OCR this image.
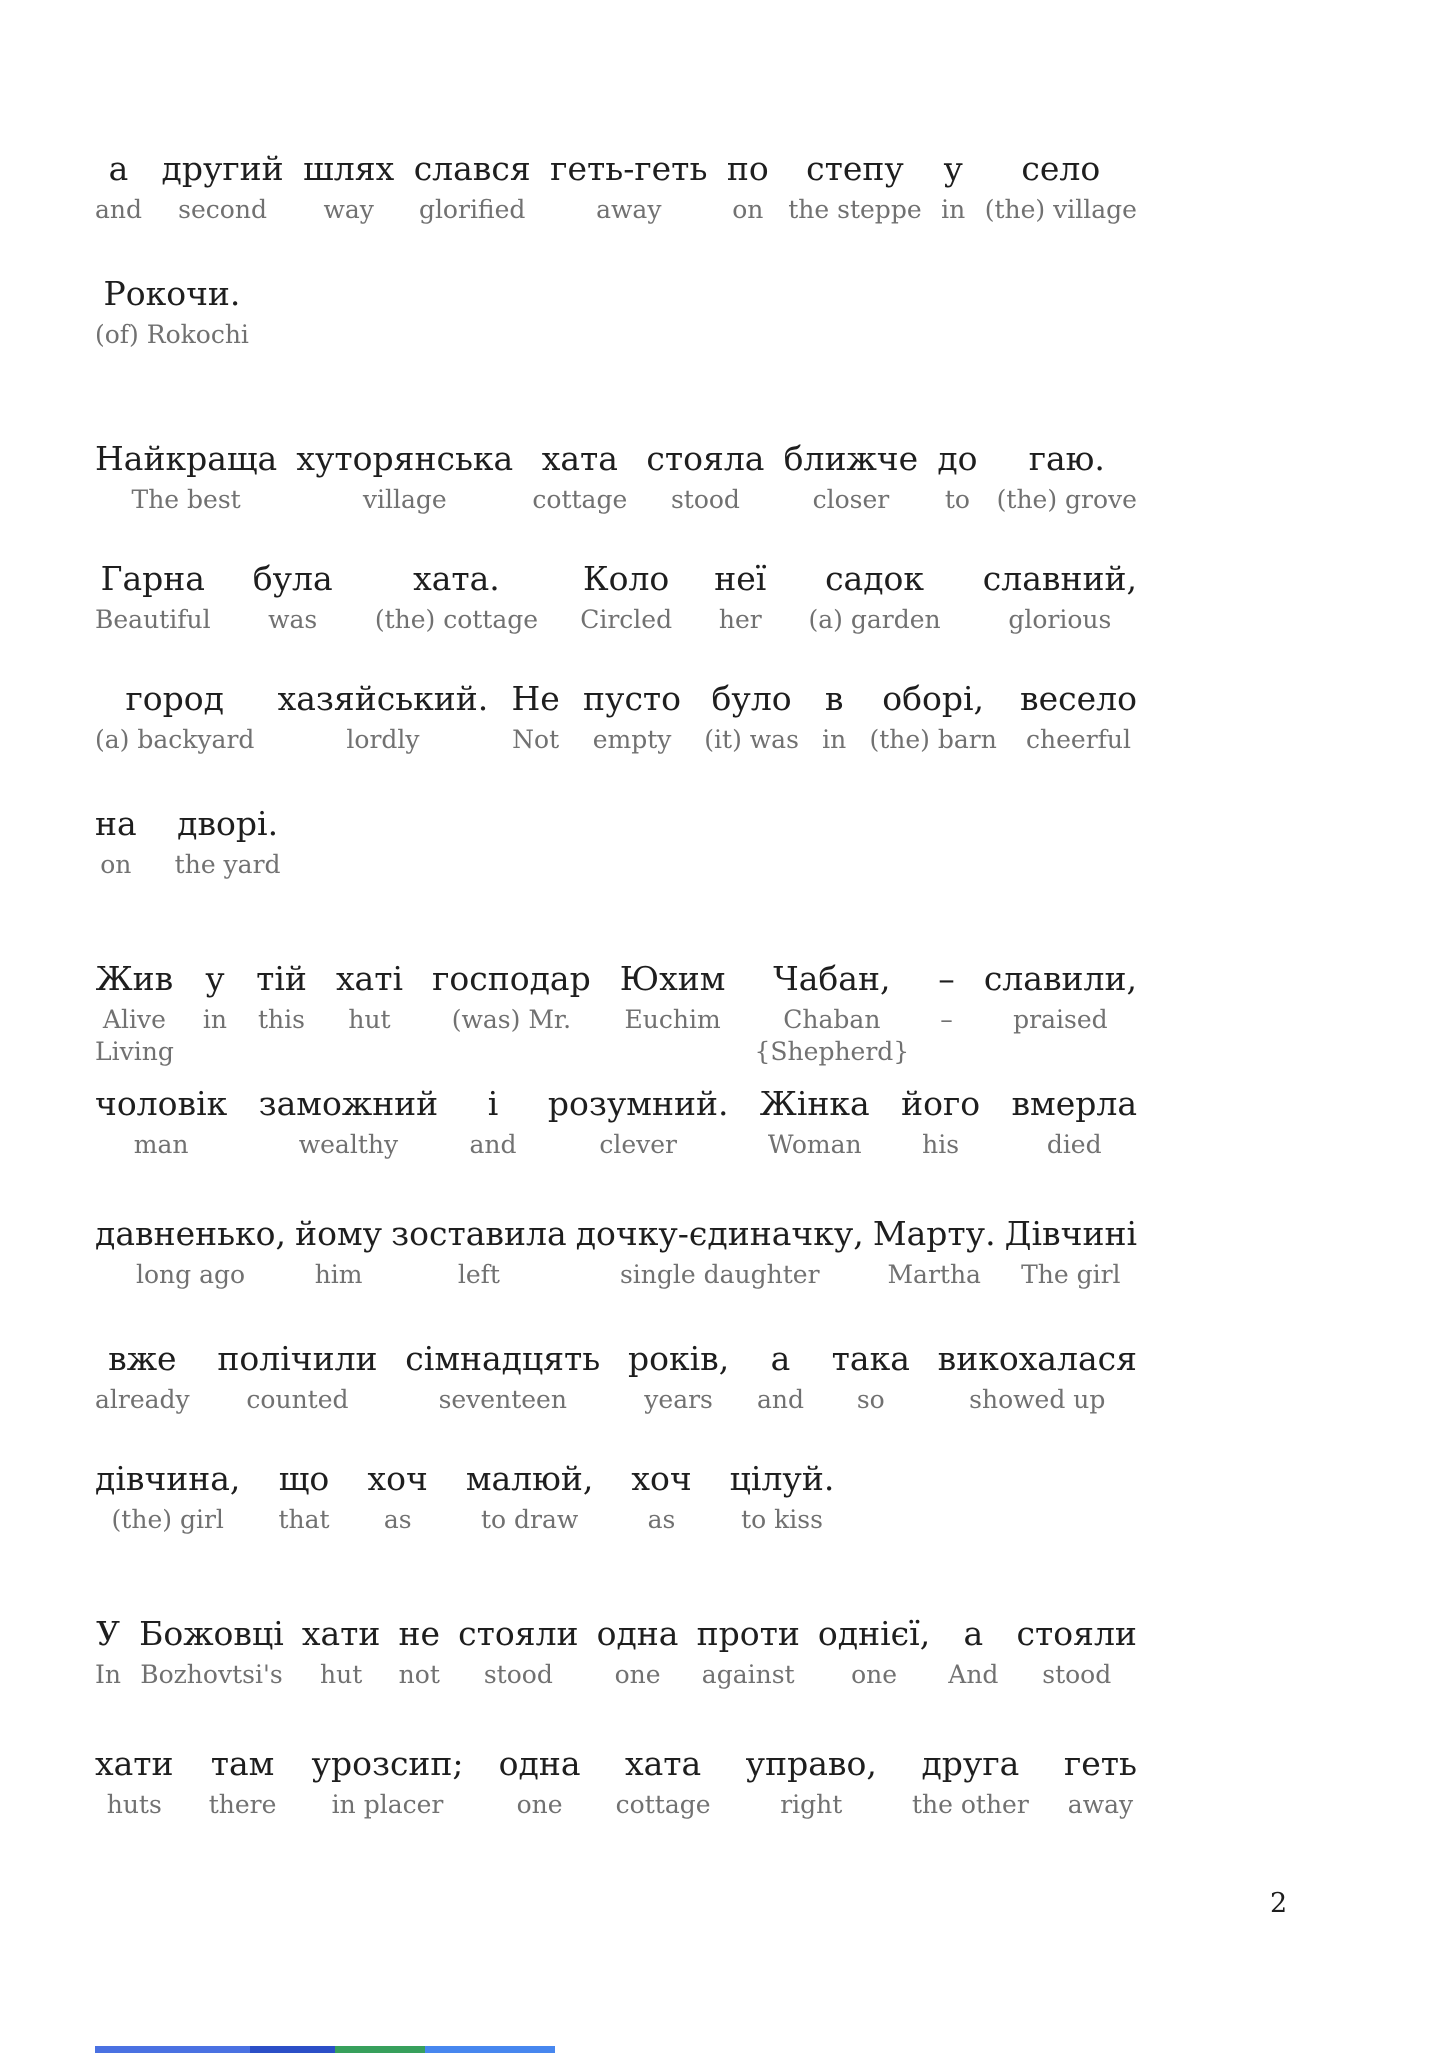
2
а
and
другий
second
шлях
way
слався
glorified
геть-геть
away
по
on
степу
the steppe
у
in
село
(the) village
Рокочи.
(of) Rokochi
Найкраща
The best
хуторянська
village
хата
cottage
стояла
stood
ближче
closer
до
to
гаю.
(the) grove
Гарна
Beautiful
була
was
хата.
(the) cottage
Коло
Circled
неї
her
садок
(a) garden
славний,
glorious
город
(a) backyard
хазяйський.
lordly
Не
Not
пусто
empty
було
(it) was
в
in
оборі,
(the) barn
весело
cheerful
на
on
дворі.
the yard
Жив
Alive
Living
у
in
тій
this
хаті
hut
господар
(was) Mr.
Юхим
Euchim
Чабан,
Chaban
{Shepherd}
–
–
славили,
praised
чоловік
man
заможний
wealthy
і
and
розумний.
clever
Жінка
Woman
його
his
вмерла
died
давненько,
long ago
йому
him
зоставила
left
дочку-єдиначку,
single daughter
Марту.
Martha
Дівчині
The girl
вже
already
полічили
counted
сімнадцять
seventeen
років,
years
а
and
така
so
викохалася
showed up
дівчина,
(the) girl
що
that
хоч
as
малюй,
to draw
хоч
as
цілуй.
to kiss
У
In
Божовці
Bozhovtsi's
хати
hut
не
not
стояли
stood
одна
one
проти
against
однієї,
one
а
And
стояли
stood
хати
huts
там
there
урозсип;
in placer
одна
one
хата
cottage
управо,
right
друга
the other
геть
away
